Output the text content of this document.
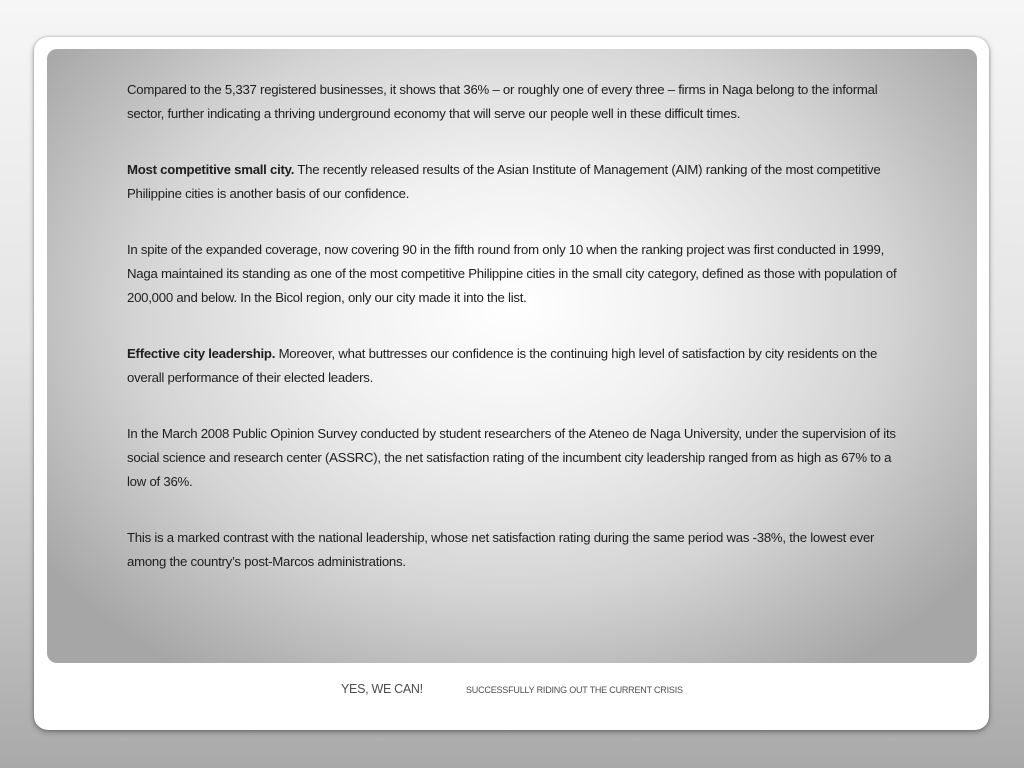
Compared to the 5,337 registered businesses, it shows that 36% – or roughly one of every three – firms in Naga belong to the informal sector, further indicating a thriving underground economy that will serve our people well in these difficult times.

Most competitive small city. The recently released results of the Asian Institute of Management (AIM) ranking of the most competitive Philippine cities is another basis of our confidence.

In spite of the expanded coverage, now covering 90 in the fifth round from only 10 when the ranking project was first conducted in 1999, Naga maintained its standing as one of the most competitive Philippine cities in the small city category, defined as those with population of 200,000 and below. In the Bicol region, only our city made it into the list.

Effective city leadership. Moreover, what buttresses our confidence is the continuing high level of satisfaction by city residents on the overall performance of their elected leaders.

In the March 2008 Public Opinion Survey conducted by student researchers of the Ateneo de Naga University, under the supervision of its social science and research center (ASSRC), the net satisfaction rating of the incumbent city leadership ranged from as high as 67% to a low of 36%.

This is a marked contrast with the national leadership, whose net satisfaction rating during the same period was -38%, the lowest ever among the country’s post-Marcos administrations.

YES, WE CAN!	SUCCESSFULLY RIDING OUT THE CURRENT CRISIS
